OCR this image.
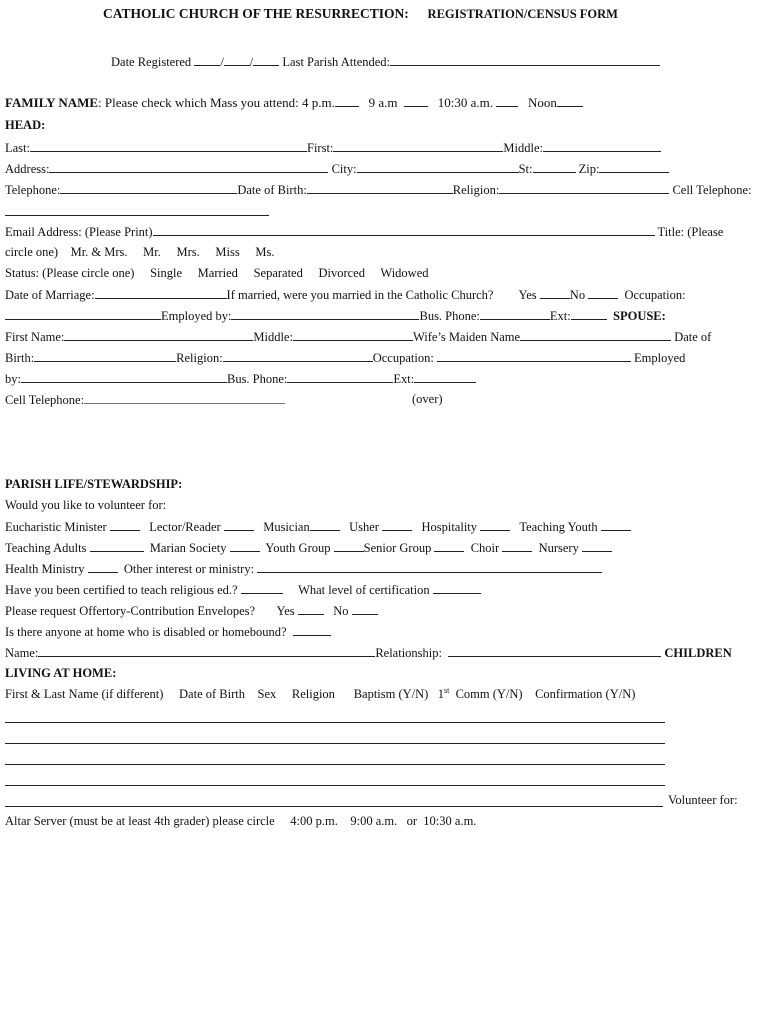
CATHOLIC CHURCH OF THE RESURRECTION: REGISTRATION/CENSUS FORM
Date Registered / / Last Parish Attended:
FAMILY NAME: Please check which Mass you attend: 4 p.m.	9 a.m	10:30 a.m.	Noon
HEAD:
Last:	First:	Middle:
Address:	City:	St:	Zip:
Telephone:	Date of Birth:	Religion:	Cell Telephone:
Email Address: (Please Print)	Title: (Please
circle one) Mr. & Mrs. Mr. Mrs. Miss Ms.
Status: (Please circle one) Single Married Separated Divorced Widowed
Date of Marriage:	If married, were you married in the Catholic Church? Yes	No	Occupation:
Employed by:	Bus. Phone:	Ext:	SPOUSE:
First Name:	Middle:	Wife’s Maiden Name	Date of
Birth:	Religion:	Occupation:	Employed
by:	Bus. Phone:	Ext:
Cell Telephone:	(over)
PARISH LIFE/STEWARDSHIP:
Would you like to volunteer for:
Eucharistic Minister	Lector/Reader	Musician	Usher	Hospitality	Teaching Youth
Teaching Adults	Marian Society	Youth Group	Senior Group	Choir	Nursery
Health Ministry	Other interest or ministry:
Have you been certified to teach religious ed.?	What level of certification
Please request Offertory-Contribution Envelopes? Yes	No
Is there anyone at home who is disabled or homebound?
Name:	Relationship:	CHILDREN
LIVING AT HOME:
First & Last Name (if different) Date of Birth Sex Religion Baptism (Y/N) 1st Comm (Y/N) Confirmation (Y/N)
Volunteer for:
Altar Server (must be at least 4th grader) please circle 4:00 p.m. 9:00 a.m. or 10:30 a.m.
